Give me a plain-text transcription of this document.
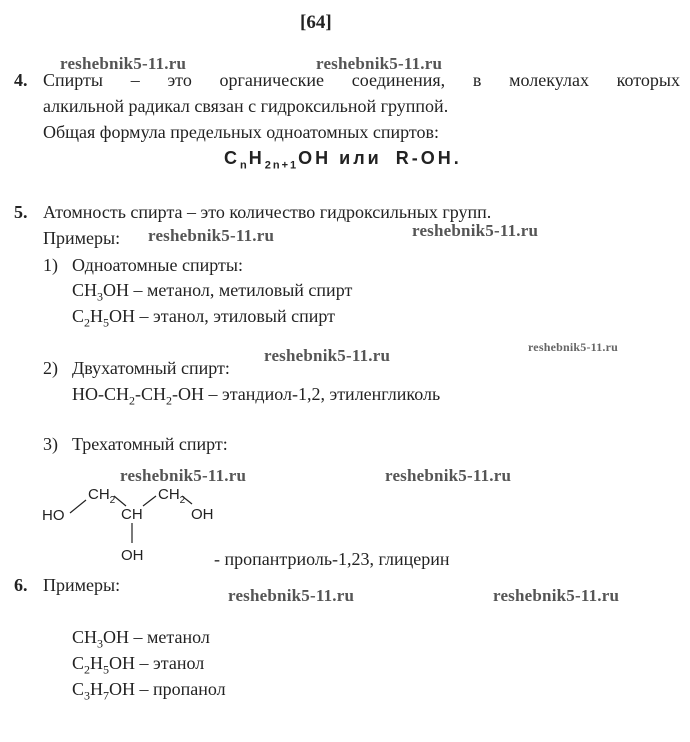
[64]
reshebnik5-11.ru	reshebnik5-11.ru
reshebnik5-11.ru	reshebnik5-11.ru
reshebnik5-11.ru	reshebnik5-11.ru
reshebnik5-11.ru	reshebnik5-11.ru
reshebnik5-11.ru	reshebnik5-11.ru
4. Спирты – это органические соединения, в молекулах которых
алкильной радикал связан с гидроксильной группой.
Общая формула предельных одноатомных спиртов:
$C_nH_{2n+1}OH$ или R-OH.
5. Атомность спирта – это количество гидроксильных групп.
Примеры:
1) Одноатомные спирты:
$CH_3OH$ – метанол, метиловый спирт
$C_2H_5OH$ – этанол, этиловый спирт
2) Двухатомный спирт:
$HO-CH_2-CH_2-OH$ – этандиол-1,2, этиленгликоль
3) Трехатомный спирт:
HO
$CH_2$
CH
$CH_2$
OH
OH	- пропантриоль-1,23, глицерин
6. Примеры:
$CH_3OH$ – метанол
$C_2H_5OH$ – этанол
$C_3H_7OH$ – пропанол
